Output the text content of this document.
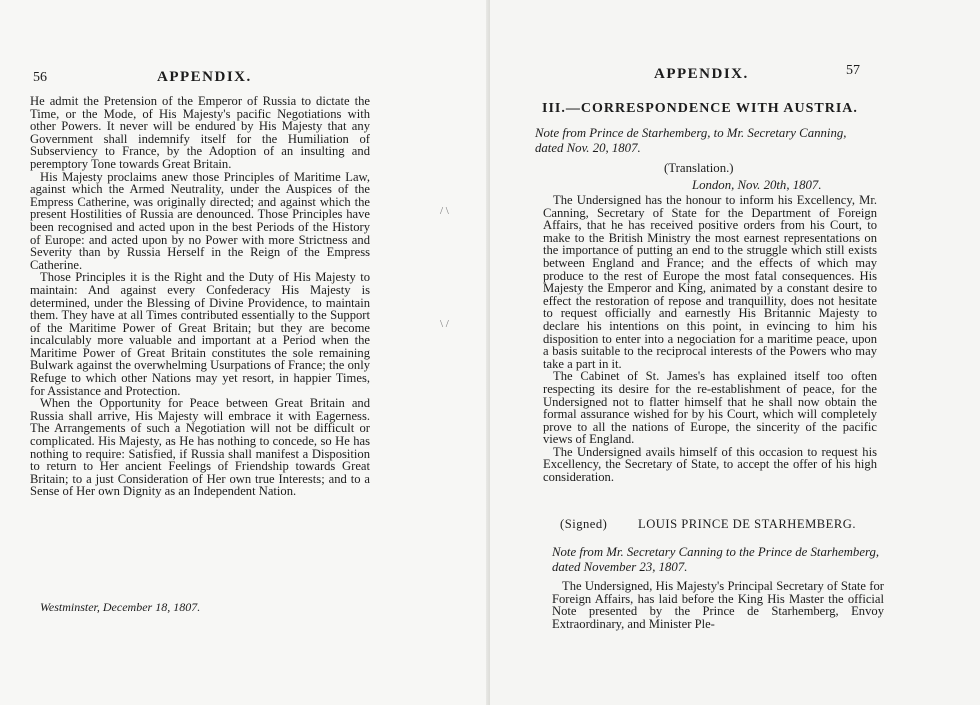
56	APPENDIX.

He admit the Pretension of the Emperor of Russia to dictate the Time, or the Mode, of His Majesty's pacific Negotiations with other Powers. It never will be endured by His Majesty that any Government shall indemnify itself for the Humiliation of Subserviency to France, by the Adoption of an insulting and peremptory Tone towards Great Britain.

His Majesty proclaims anew those Principles of Maritime Law, against which the Armed Neutrality, under the Auspices of the Empress Catherine, was originally directed; and against which the present Hostilities of Russia are denounced. Those Principles have been recognised and acted upon in the best Periods of the History of Europe: and acted upon by no Power with more Strictness and Severity than by Russia Herself in the Reign of the Empress Catherine.

Those Principles it is the Right and the Duty of His Majesty to maintain: And against every Confederacy His Majesty is determined, under the Blessing of Divine Providence, to maintain them. They have at all Times contributed essentially to the Support of the Maritime Power of Great Britain; but they are become incalculably more valuable and important at a Period when the Maritime Power of Great Britain constitutes the sole remaining Bulwark against the overwhelming Usurpations of France; the only Refuge to which other Nations may yet resort, in happier Times, for Assistance and Protection.

When the Opportunity for Peace between Great Britain and Russia shall arrive, His Majesty will embrace it with Eagerness. The Arrangements of such a Negotiation will not be difficult or complicated. His Majesty, as He has nothing to concede, so He has nothing to require: Satisfied, if Russia shall manifest a Disposition to return to Her ancient Feelings of Friendship towards Great Britain; to a just Consideration of Her own true Interests; and to a Sense of Her own Dignity as an Independent Nation.

Westminster, December 18, 1807.
/ \
\ /
APPENDIX.	57
III.—CORRESPONDENCE WITH AUSTRIA.
Note from Prince de Starhemberg, to Mr. Secretary Canning, dated Nov. 20, 1807.
(Translation.)
London, Nov. 20th, 1807.

The Undersigned has the honour to inform his Excellency, Mr. Canning, Secretary of State for the Department of Foreign Affairs, that he has received positive orders from his Court, to make to the British Ministry the most earnest representations on the importance of putting an end to the struggle which still exists between England and France; and the effects of which may produce to the rest of Europe the most fatal consequences. His Majesty the Emperor and King, animated by a constant desire to effect the restoration of repose and tranquillity, does not hesitate to request officially and earnestly His Britannic Majesty to declare his intentions on this point, in evincing to him his disposition to enter into a negociation for a maritime peace, upon a basis suitable to the reciprocal interests of the Powers who may take a part in it.

The Cabinet of St. James's has explained itself too often respecting its desire for the re-establishment of peace, for the Undersigned not to flatter himself that he shall now obtain the formal assurance wished for by his Court, which will completely prove to all the nations of Europe, the sincerity of the pacific views of England.

The Undersigned avails himself of this occasion to request his Excellency, the Secretary of State, to accept the offer of his high consideration.

(Signed) LOUIS PRINCE DE STARHEMBERG.
Note from Mr. Secretary Canning to the Prince de Starhemberg, dated November 23, 1807.

The Undersigned, His Majesty's Principal Secretary of State for Foreign Affairs, has laid before the King His Master the official Note presented by the Prince de Starhemberg, Envoy Extraordinary, and Minister Ple-
